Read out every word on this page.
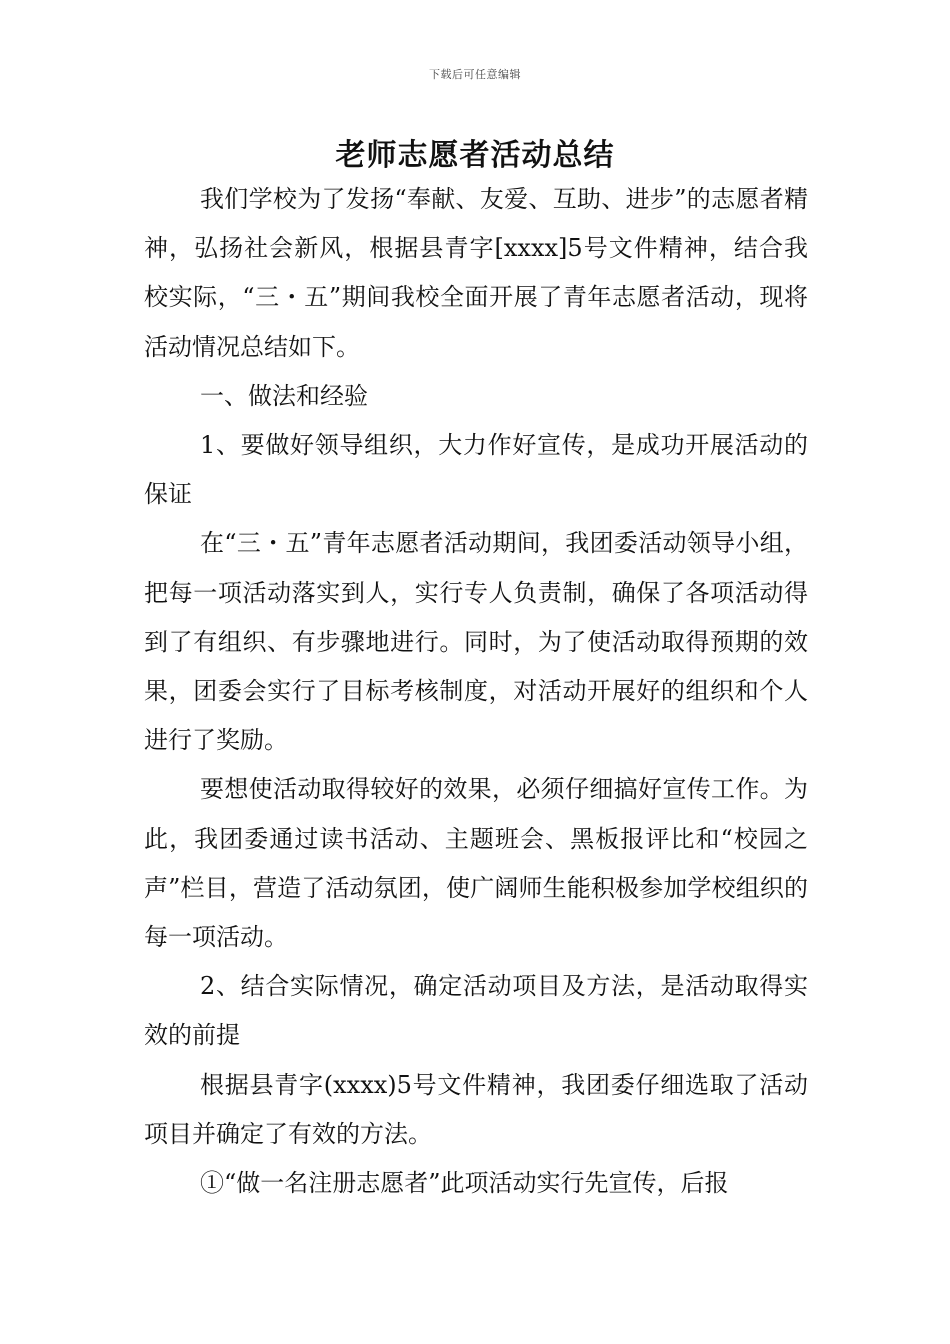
下载后可任意编辑
老师志愿者活动总结

我们学校为了发扬“奉献、友爱、互助、进步”的志愿者精神，弘扬社会新风，根据县青字[xxxx]5号文件精神，结合我校实际，“三・五”期间我校全面开展了青年志愿者活动，现将活动情况总结如下。

一、做法和经验

1、要做好领导组织，大力作好宣传，是成功开展活动的保证

在“三・五”青年志愿者活动期间，我团委活动领导小组，把每一项活动落实到人，实行专人负责制，确保了各项活动得到了有组织、有步骤地进行。同时，为了使活动取得预期的效果，团委会实行了目标考核制度，对活动开展好的组织和个人进行了奖励。

要想使活动取得较好的效果，必须仔细搞好宣传工作。为此，我团委通过读书活动、主题班会、黑板报评比和“校园之声”栏目，营造了活动氛团，使广阔师生能积极参加学校组织的每一项活动。

2、结合实际情况，确定活动项目及方法，是活动取得实效的前提

根据县青字(xxxx)5号文件精神，我团委仔细选取了活动项目并确定了有效的方法。

①“做一名注册志愿者”此项活动实行先宣传，后报
